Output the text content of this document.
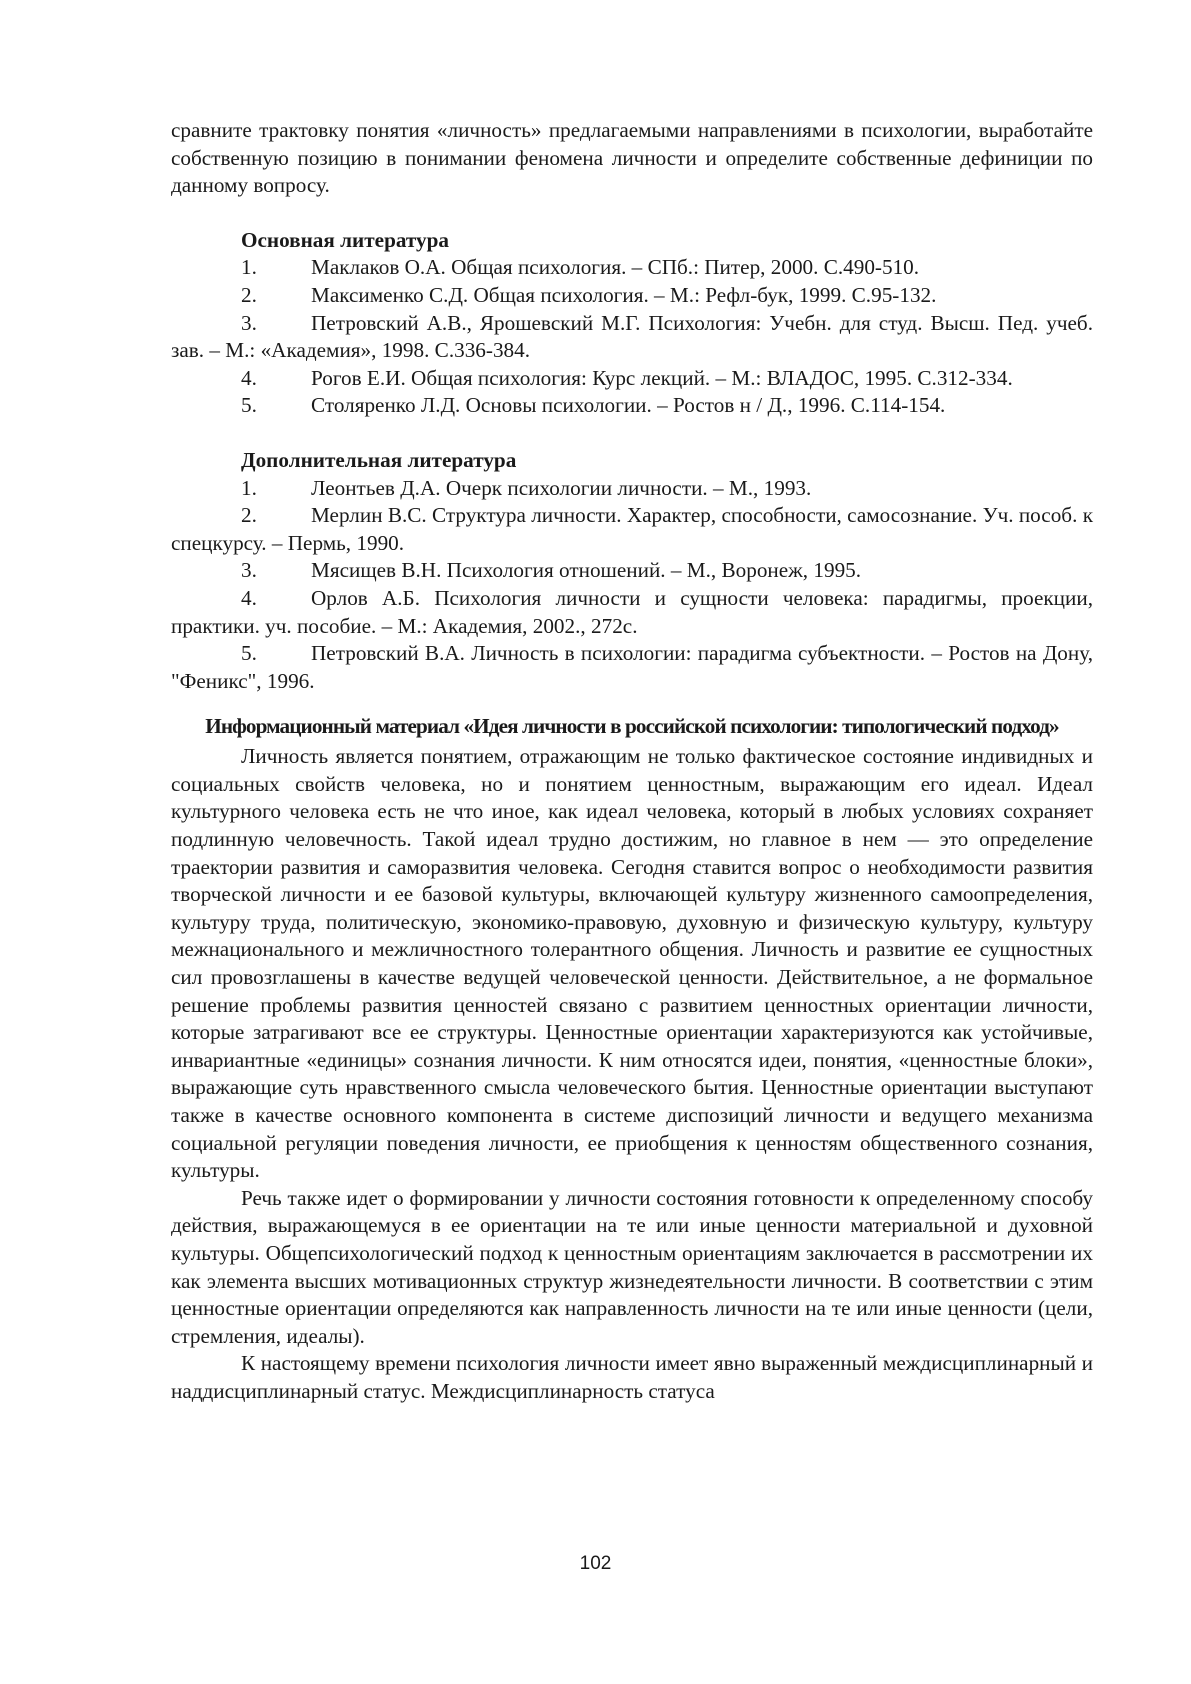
сравните трактовку понятия «личность» предлагаемыми направлениями в психологии, выработайте собственную позицию в понимании феномена личности и определите собственные дефиниции по данному вопросу.

Основная литература

1.	Маклаков О.А. Общая психология. – СПб.: Питер, 2000. С.490-510.

2.	Максименко С.Д. Общая психология. – М.: Рефл-бук, 1999. С.95-132.

3.	Петровский А.В., Ярошевский М.Г. Психология: Учебн. для студ. Высш. Пед. учеб. зав. – М.: «Академия», 1998. С.336-384.

4.	Рогов Е.И. Общая психология: Курс лекций. – М.: ВЛАДОС, 1995. С.312-334.

5.	Столяренко Л.Д. Основы психологии. – Ростов н / Д., 1996. С.114-154.

Дополнительная литература

1.	Леонтьев Д.А. Очерк психологии личности. – М., 1993.

2.	Мерлин В.С. Структура личности. Характер, способности, самосознание. Уч. пособ. к спецкурсу. – Пермь, 1990.

3.	Мясищев В.Н. Психология отношений. – М., Воронеж, 1995.

4.	Орлов А.Б. Психология личности и сущности человека: парадигмы, проекции, практики. уч. пособие. – М.: Академия, 2002., 272с.

5.	Петровский В.А. Личность в психологии: парадигма субъектности. – Ростов на Дону, "Феникс", 1996.

Информационный материал «Идея личности в российской психологии: типологический подход»

Личность является понятием, отражающим не только фактическое состояние индивидных и социальных свойств человека, но и понятием ценностным, выражающим его идеал. Идеал культурного человека есть не что иное, как идеал человека, который в любых условиях сохраняет подлинную человечность. Такой идеал трудно достижим, но главное в нем — это определение траектории развития и саморазвития человека. Сегодня ставится вопрос о необходимости развития творческой личности и ее базовой культуры, включающей культуру жизненного самоопределения, культуру труда, политическую, экономико-правовую, духовную и физическую культуру, культуру межнационального и межличностного толерантного общения. Личность и развитие ее сущностных сил провозглашены в качестве ведущей человеческой ценности. Действительное, а не формальное решение проблемы развития ценностей связано с развитием ценностных ориентации личности, которые затрагивают все ее структуры. Ценностные ориентации характеризуются как устойчивые, инвариантные «единицы» сознания личности. К ним относятся идеи, понятия, «ценностные блоки», выражающие суть нравственного смысла человеческого бытия. Ценностные ориентации выступают также в качестве основного компонента в системе диспозиций личности и ведущего механизма социальной регуляции поведения личности, ее приобщения к ценностям общественного сознания, культуры.

Речь также идет о формировании у личности состояния готовности к определенному способу действия, выражающемуся в ее ориентации на те или иные ценности материальной и духовной культуры. Общепсихологический подход к ценностным ориентациям заключается в рассмотрении их как элемента высших мотивационных структур жизнедеятельности личности. В соответствии с этим ценностные ориентации определяются как направленность личности на те или иные ценности (цели, стремления, идеалы).

К настоящему времени психология личности имеет явно выраженный междисциплинарный и наддисциплинарный статус. Междисциплинарность статуса

102
